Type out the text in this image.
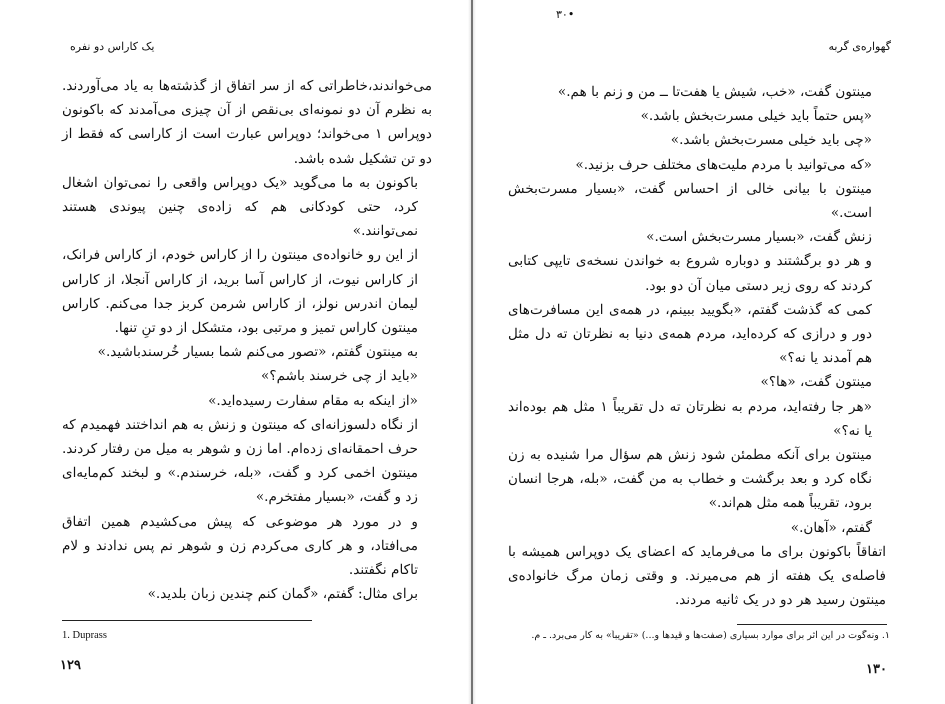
یک کاراس دو نفره

می‌خواندند،خاطراتی که از سر اتفاق از گذشته‌ها به یاد می‌آوردند. به نظرم آن دو نمونه‌ای بی‌نقص از آن چیزی می‌آمدند که باکونون دوپراس ۱ می‌خواند؛ دوپراس عبارت است از کاراسی که فقط از دو تن تشکیل شده باشد.

باکونون به ما می‌گوید «یک دوپراس واقعی را نمی‌توان اشغال کرد، حتی کودکانی هم که زاده‌ی چنین پیوندی هستند نمی‌توانند.»

از این رو خانواده‌ی مینتون را از کاراس خودم، از کاراس فرانک، از کاراس نیوت، از کاراس آسا برید، از کاراس آنجلا، از کاراس لیمان اندرس نولز، از کاراس شرمن کربز جدا می‌کنم. کاراس مینتون کاراس تمیز و مرتبی بود، متشکل از دو تنِ تنها.

به مینتون گفتم، «تصور می‌کنم شما بسیار خُرسندباشید.»

«باید از چی خرسند باشم؟»

«از اینکه به مقام سفارت رسیده‌اید.»

از نگاه دلسوزانه‌ای که مینتون و زنش به هم انداختند فهمیدم که حرف احمقانه‌ای زده‌ام. اما زن و شوهر به میل من رفتار کردند. مینتون اخمی کرد و گفت، «بله، خرسندم.» و لبخند کم‌مایه‌ای زد و گفت، «بسیار مفتخرم.»

و در مورد هر موضوعی که پیش می‌کشیدم همین اتفاق می‌افتاد، و هر کاری می‌کردم زن و شوهر نم پس ندادند و لام تاکام نگفتند.

برای مثال: گفتم، «گمان کنم چندین زبان بلدید.»

1. Duprass
۱۲۹
٣٠•
گهواره‌ی گربه

مینتون گفت، «خب، شیش یا هفت‌تا ــ من و زنم با هم.»

«پس حتماً باید خیلی مسرت‌بخش باشد.»

«چی باید خیلی مسرت‌بخش باشد.»

«که می‌توانید با مردم ملیت‌های مختلف حرف بزنید.»

مینتون با بیانی خالی از احساس گفت، «بسیار مسرت‌بخش است.»

زنش گفت، «بسیار مسرت‌بخش است.»

و هر دو برگشتند و دوباره شروع به خواندن نسخه‌ی تایپی کتابی کردند که روی زیر دستی میان آن دو بود.

کمی که گذشت گفتم، «بگویید ببینم، در همه‌ی این مسافرت‌های دور و درازی که کرده‌اید، مردم همه‌ی دنیا به نظرتان ته دل مثل هم آمدند یا نه؟»

مینتون گفت، «ها؟»

«هر جا رفته‌اید، مردم به نظرتان ته دل تقریباً ۱ مثل هم بوده‌اند یا نه؟»

مینتون برای آنکه مطمئن شود زنش هم سؤال مرا شنیده به زن نگاه کرد و بعد برگشت و خطاب به من گفت، «بله، هرجا انسان برود، تقریباً همه مثل هم‌اند.»

گفتم، «آهان.»

اتفاقاً باکونون برای ما می‌فرماید که اعضای یک دوپراس همیشه با فاصله‌ی یک هفته از هم می‌میرند. و وقتی زمان مرگ خانواده‌ی مینتون رسید هر دو در یک ثانیه مردند.

۱. ونه‌گوت در این اثر برای موارد بسیاری (صفت‌ها و قیدها و...) «تقریباً» به کار می‌برد. ـ م.
۱۳۰
